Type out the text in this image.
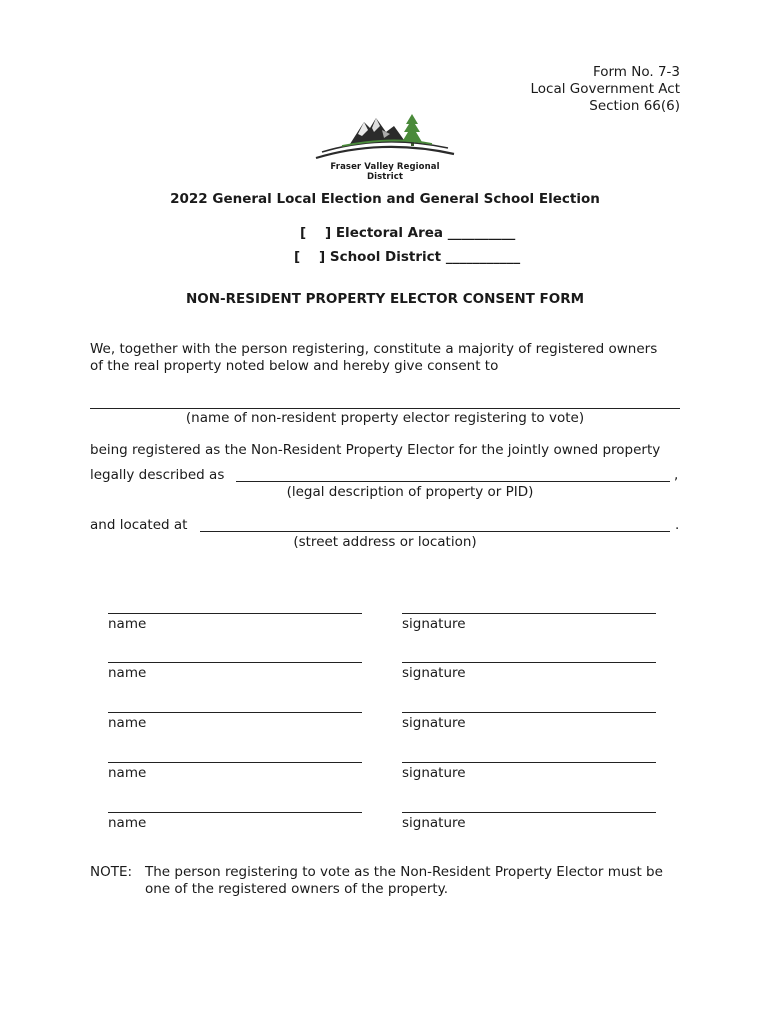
Form No. 7-3
Local Government Act
Section 66(6)
Fraser Valley Regional District
2022 General Local Election and General School Election
[    ] Electoral Area __________
[    ] School District ___________
NON-RESIDENT PROPERTY ELECTOR CONSENT FORM
We, together with the person registering, constitute a majority of registered owners
of the real property noted below and hereby give consent to
(name of non-resident property elector registering to vote)
being registered as the Non-Resident Property Elector for the jointly owned property
legally described as	,
(legal description of property or PID)
and located at	.
(street address or location)
name	signature
name	signature
name	signature
name	signature
name	signature
NOTE: The person registering to vote as the Non-Resident Property Elector must be
one of the registered owners of the property.
